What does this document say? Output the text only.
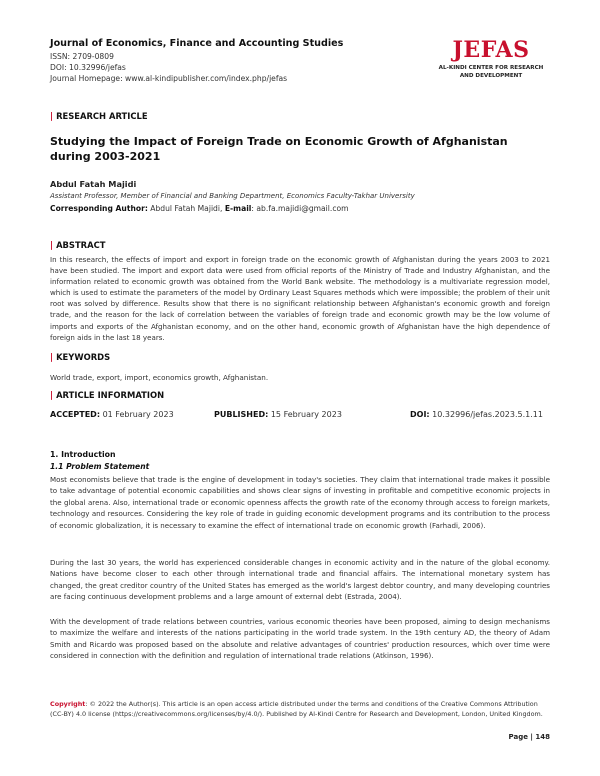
Journal of Economics, Finance and Accounting Studies
ISSN: 2709-0809
DOI: 10.32996/jefas
Journal Homepage: www.al-kindipublisher.com/index.php/jefas
JEFAS
AL-KINDI CENTER FOR RESEARCH
AND DEVELOPMENT
| RESEARCH ARTICLE
Studying the Impact of Foreign Trade on Economic Growth of Afghanistan during 2003-2021
Abdul Fatah Majidi
Assistant Professor, Member of Financial and Banking Department, Economics Faculty-Takhar University
Corresponding Author: Abdul Fatah Majidi, E-mail: ab.fa.majidi@gmail.com
| ABSTRACT

In this research, the effects of import and export in foreign trade on the economic growth of Afghanistan during the years 2003 to 2021 have been studied. The import and export data were used from official reports of the Ministry of Trade and Industry Afghanistan, and the information related to economic growth was obtained from the World Bank website. The methodology is a multivariate regression model, which is used to estimate the parameters of the model by Ordinary Least Squares methods which were impossible; the problem of their unit root was solved by difference. Results show that there is no significant relationship between Afghanistan's economic growth and foreign trade, and the reason for the lack of correlation between the variables of foreign trade and economic growth may be the low volume of imports and exports of the Afghanistan economy, and on the other hand, economic growth of Afghanistan have the high dependence of foreign aids in the last 18 years.

| KEYWORDS
World trade, export, import, economics growth, Afghanistan.
| ARTICLE INFORMATION
ACCEPTED: 01 February 2023	PUBLISHED: 15 February 2023	DOI: 10.32996/jefas.2023.5.1.11
1. Introduction
1.1 Problem Statement

Most economists believe that trade is the engine of development in today's societies. They claim that international trade makes it possible to take advantage of potential economic capabilities and shows clear signs of investing in profitable and competitive economic projects in the global arena. Also, international trade or economic openness affects the growth rate of the economy through access to foreign markets, technology and resources. Considering the key role of trade in guiding economic development programs and its contribution to the process of economic globalization, it is necessary to examine the effect of international trade on economic growth (Farhadi, 2006).

During the last 30 years, the world has experienced considerable changes in economic activity and in the nature of the global economy. Nations have become closer to each other through international trade and financial affairs. The international monetary system has changed, the great creditor country of the United States has emerged as the world's largest debtor country, and many developing countries are facing continuous development problems and a large amount of external debt (Estrada, 2004).

With the development of trade relations between countries, various economic theories have been proposed, aiming to design mechanisms to maximize the welfare and interests of the nations participating in the world trade system. In the 19th century AD, the theory of Adam Smith and Ricardo was proposed based on the absolute and relative advantages of countries' production resources, which over time were considered in connection with the definition and regulation of international trade relations (Atkinson, 1996).

Copyright: © 2022 the Author(s). This article is an open access article distributed under the terms and conditions of the Creative Commons Attribution (CC-BY) 4.0 license (https://creativecommons.org/licenses/by/4.0/). Published by Al-Kindi Centre for Research and Development, London, United Kingdom.

Page | 148
